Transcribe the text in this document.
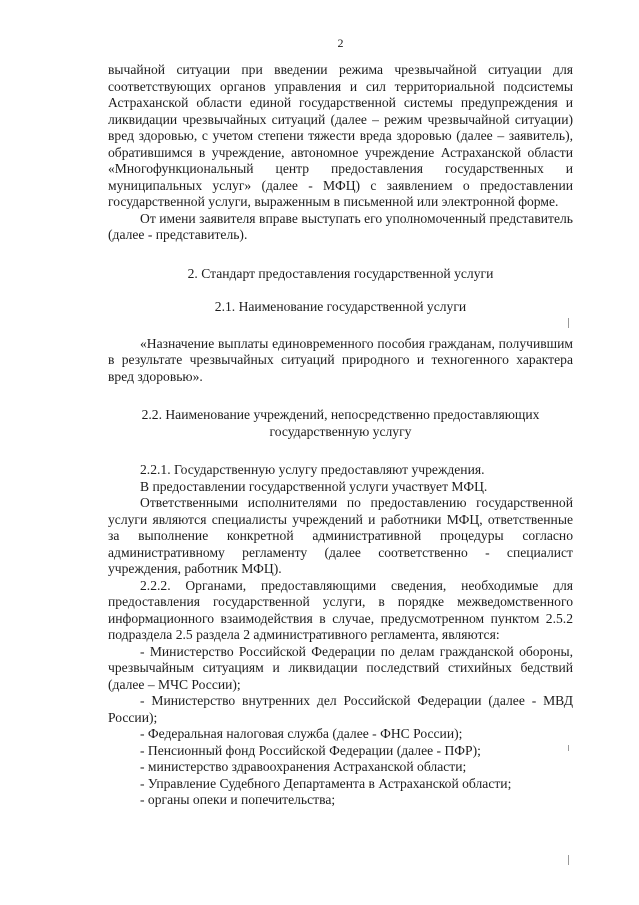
2

вычайной ситуации при введении режима чрезвычайной ситуации для соответствующих органов управления и сил территориальной подсистемы Астраханской области единой государственной системы предупреждения и ликвидации чрезвычайных ситуаций (далее – режим чрезвычайной ситуации) вред здоровью, с учетом степени тяжести вреда здоровью (далее – заявитель), обратившимся в учреждение, автономное учреждение Астраханской области «Многофункциональный центр предоставления государственных и муниципальных услуг» (далее - МФЦ) с заявлением о предоставлении государственной услуги, выраженным в письменной или электронной форме.

От имени заявителя вправе выступать его уполномоченный представитель (далее - представитель).

2. Стандарт предоставления государственной услуги

2.1. Наименование государственной услуги

«Назначение выплаты единовременного пособия гражданам, получившим в результате чрезвычайных ситуаций природного и техногенного характера вред здоровью».

2.2. Наименование учреждений, непосредственно предоставляющих государственную услугу

2.2.1. Государственную услугу предоставляют учреждения.

В предоставлении государственной услуги участвует МФЦ.

Ответственными исполнителями по предоставлению государственной услуги являются специалисты учреждений и работники МФЦ, ответственные за выполнение конкретной административной процедуры согласно административному регламенту (далее соответственно - специалист учреждения, работник МФЦ).

2.2.2. Органами, предоставляющими сведения, необходимые для предоставления государственной услуги, в порядке межведомственного информационного взаимодействия в случае, предусмотренном пунктом 2.5.2 подраздела 2.5 раздела 2 административного регламента, являются:

- Министерство Российской Федерации по делам гражданской обороны, чрезвычайным ситуациям и ликвидации последствий стихийных бедствий (далее – МЧС России);
- Министерство внутренних дел Российской Федерации (далее - МВД России);
- Федеральная налоговая служба (далее - ФНС России);
- Пенсионный фонд Российской Федерации (далее - ПФР);
- министерство здравоохранения Астраханской области;
- Управление Судебного Департамента в Астраханской области;
- органы опеки и попечительства;
